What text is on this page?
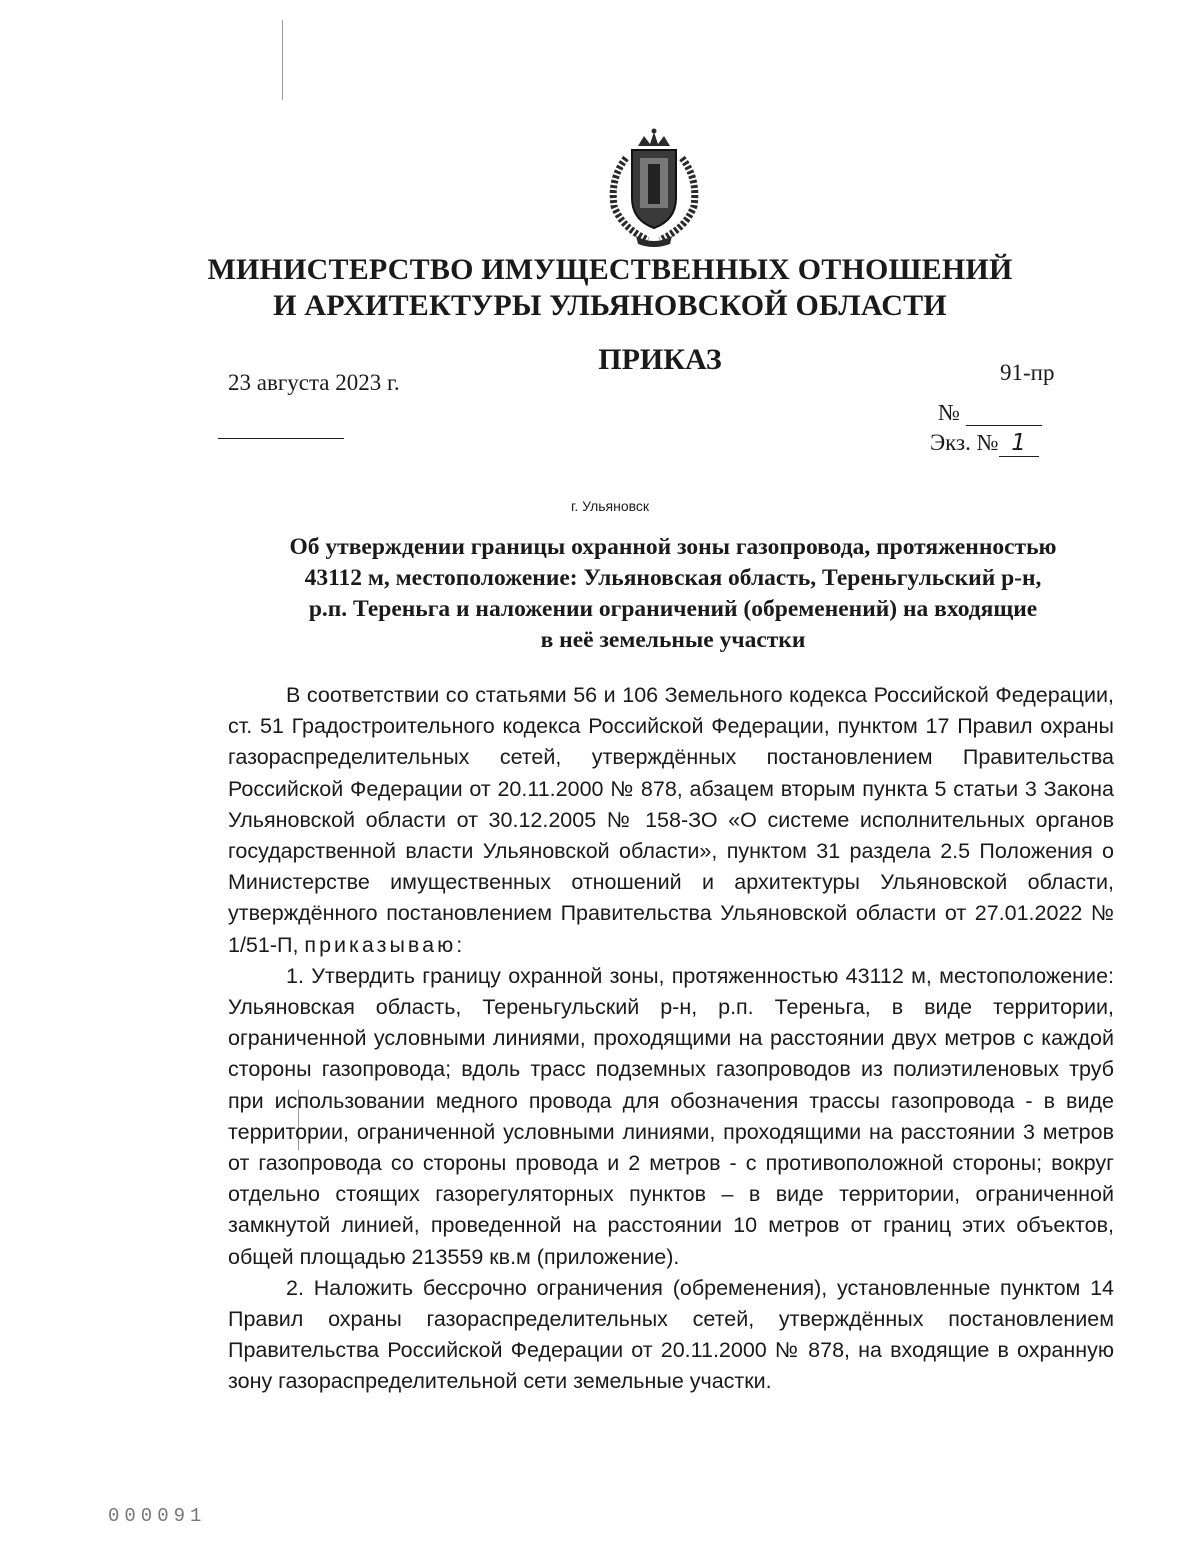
МИНИСТЕРСТВО ИМУЩЕСТВЕННЫХ ОТНОШЕНИЙ
И АРХИТЕКТУРЫ УЛЬЯНОВСКОЙ ОБЛАСТИ
ПРИКАЗ
23 августа 2023 г.	91-пр
№
Экз. № 1
г. Ульяновск
Об утверждении границы охранной зоны газопровода, протяженностью
43112 м, местоположение: Ульяновская область, Тереньгульский р-н,
р.п. Тереньга и наложении ограничений (обременений) на входящие
в неё земельные участки

В соответствии со статьями 56 и 106 Земельного кодекса Российской Федерации, ст. 51 Градостроительного кодекса Российской Федерации, пунктом 17 Правил охраны газораспределительных сетей, утверждённых постановлением Правительства Российской Федерации от 20.11.2000 № 878, абзацем вторым пункта 5 статьи 3 Закона Ульяновской области от 30.12.2005 № 158-ЗО «О системе исполнительных органов государственной власти Ульяновской области», пунктом 31 раздела 2.5 Положения о Министерстве имущественных отношений и архитектуры Ульяновской области, утверждённого постановлением Правительства Ульяновской области от 27.01.2022 № 1/51-П, приказываю:

1. Утвердить границу охранной зоны, протяженностью 43112 м, местоположение: Ульяновская область, Тереньгульский р-н, р.п. Тереньга, в виде территории, ограниченной условными линиями, проходящими на расстоянии двух метров с каждой стороны газопровода; вдоль трасс подземных газопроводов из полиэтиленовых труб при использовании медного провода для обозначения трассы газопровода - в виде территории, ограниченной условными линиями, проходящими на расстоянии 3 метров от газопровода со стороны провода и 2 метров - с противоположной стороны; вокруг отдельно стоящих газорегуляторных пунктов – в виде территории, ограниченной замкнутой линией, проведенной на расстоянии 10 метров от границ этих объектов, общей площадью 213559 кв.м (приложение).

2. Наложить бессрочно ограничения (обременения), установленные пунктом 14 Правил охраны газораспределительных сетей, утверждённых постановлением Правительства Российской Федерации от 20.11.2000 № 878, на входящие в охранную зону газораспределительной сети земельные участки.

000091
